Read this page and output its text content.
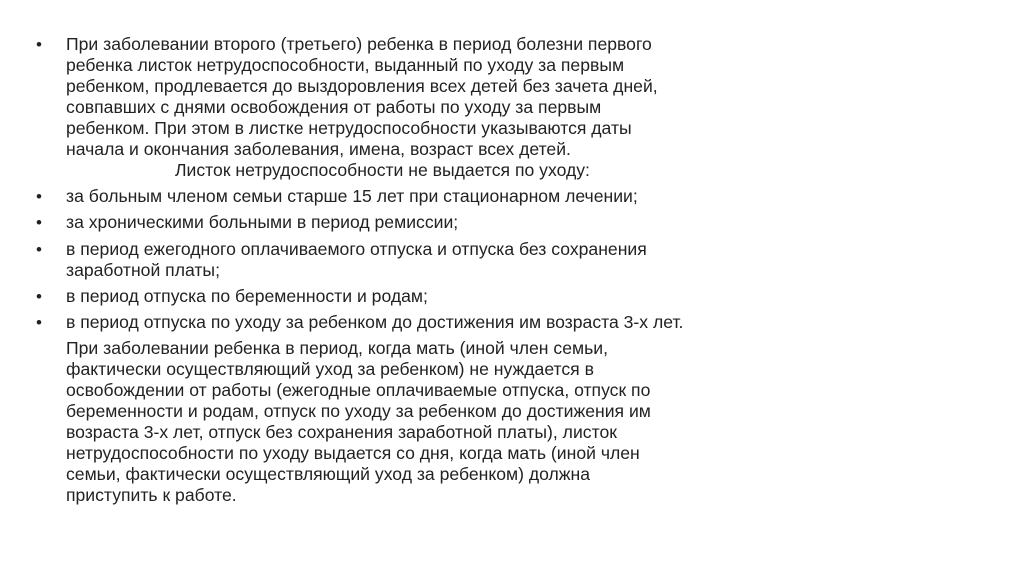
•	При заболевании второго (третьего) ребенка в период болезни первого
ребенка листок нетрудоспособности, выданный по уходу за первым
ребенком, продлевается до выздоровления всех детей без зачета дней,
совпавших с днями освобождения от работы по уходу за первым
ребенком. При этом в листке нетрудоспособности указываются даты
начала и окончания заболевания, имена, возраст всех детей.
Листок нетрудоспособности не выдается по уходу:
•	за больным членом семьи старше 15 лет при стационарном лечении;
•	за хроническими больными в период ремиссии;
•	в период ежегодного оплачиваемого отпуска и отпуска без сохранения
заработной платы;
•	в период отпуска по беременности и родам;
•	в период отпуска по уходу за ребенком до достижения им возраста 3-х лет.
При заболевании ребенка в период, когда мать (иной член семьи,
фактически осуществляющий уход за ребенком) не нуждается в
освобождении от работы (ежегодные оплачиваемые отпуска, отпуск по
беременности и родам, отпуск по уходу за ребенком до достижения им
возраста 3-х лет, отпуск без сохранения заработной платы), листок
нетрудоспособности по уходу выдается со дня, когда мать (иной член
семьи, фактически осуществляющий уход за ребенком) должна
приступить к работе.
